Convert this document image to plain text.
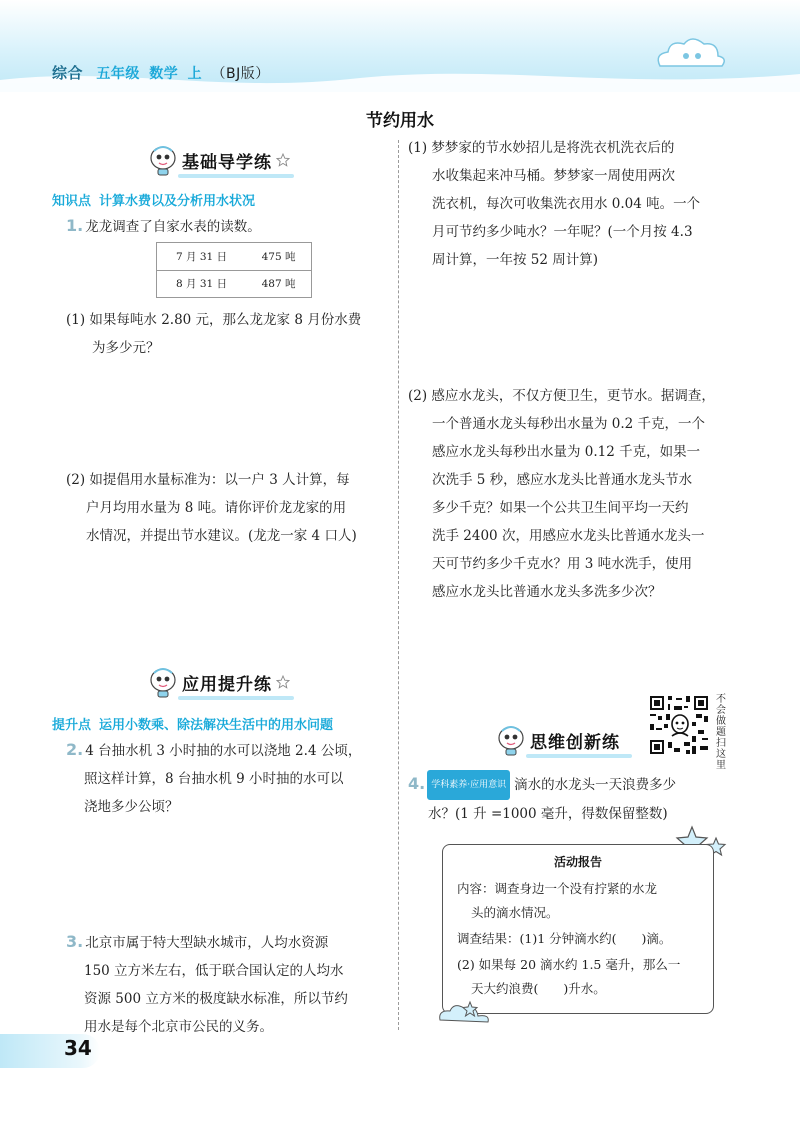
综合 五年级 数学 上 （BJ版）
节约用水
基础导学练
知识点 计算水费以及分析用水状况
1. 龙龙调查了自家水表的读数。
7 月 31 日	475 吨
8 月 31 日	487 吨
(1) 如果每吨水 2.80 元，那么龙龙家 8 月份水费
为多少元？
(2) 如提倡用水量标准为：以一户 3 人计算，每
户月均用水量为 8 吨。请你评价龙龙家的用
水情况，并提出节水建议。(龙龙一家 4 口人)
应用提升练
提升点 运用小数乘、除法解决生活中的用水问题
2. 4 台抽水机 3 小时抽的水可以浇地 2.4 公顷，
照这样计算，8 台抽水机 9 小时抽的水可以
浇地多少公顷？
3. 北京市属于特大型缺水城市，人均水资源
150 立方米左右，低于联合国认定的人均水
资源 500 立方米的极度缺水标准，所以节约
用水是每个北京市公民的义务。
(1) 梦梦家的节水妙招儿是将洗衣机洗衣后的
水收集起来冲马桶。梦梦家一周使用两次
洗衣机，每次可收集洗衣用水 0.04 吨。一个
月可节约多少吨水？一年呢？(一个月按 4.3
周计算，一年按 52 周计算)
(2) 感应水龙头，不仅方便卫生，更节水。据调查，
一个普通水龙头每秒出水量为 0.2 千克，一个
感应水龙头每秒出水量为 0.12 千克，如果一
次洗手 5 秒，感应水龙头比普通水龙头节水
多少千克？如果一个公共卫生间平均一天约
洗手 2400 次，用感应水龙头比普通水龙头一
天可节约多少千克水？用 3 吨水洗手，使用
感应水龙头比普通水龙头多洗多少次？
思维创新练
不会做题扫这里
4. 学科素养·应用意识 滴水的水龙头一天浪费多少
水？(1 升 =1000 毫升，得数保留整数)
活动报告
内容：调查身边一个没有拧紧的水龙
头的滴水情况。
调查结果：(1)1 分钟滴水约(　　)滴。
(2) 如果每 20 滴水约 1.5 毫升，那么一
天大约浪费(　　)升水。
34
